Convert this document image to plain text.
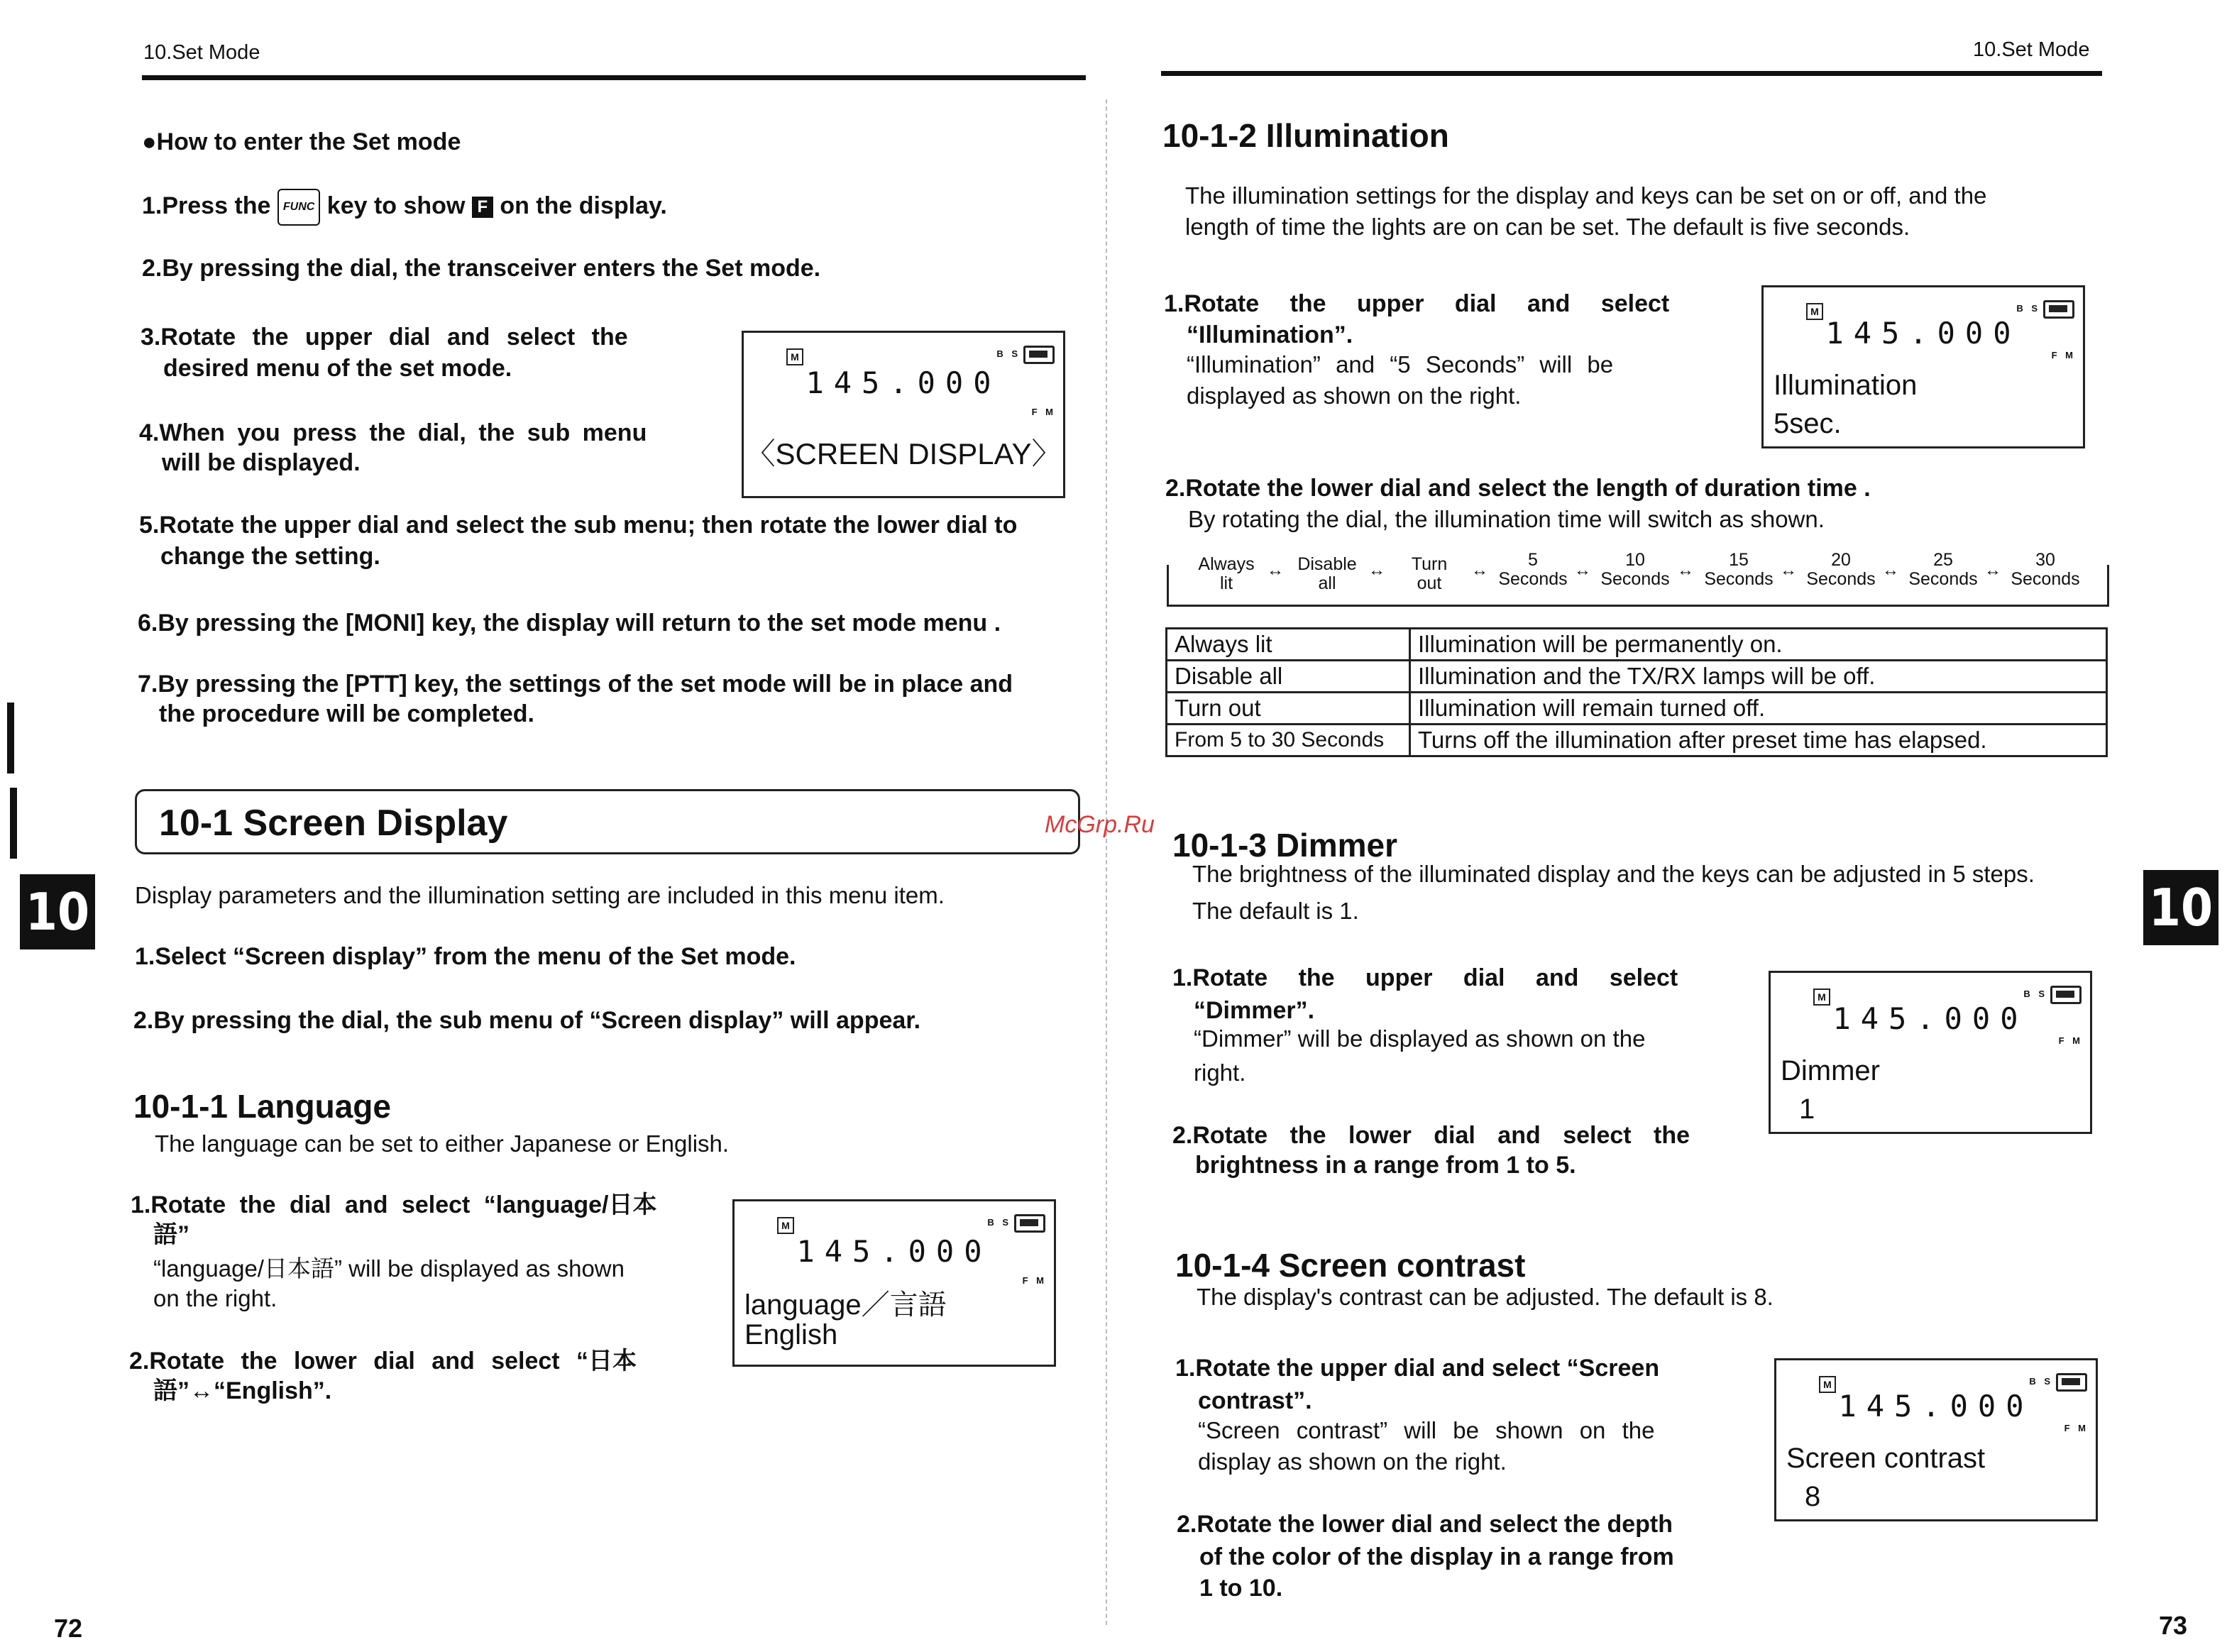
10.Set Mode
●How to enter the Set mode
1.Press the FUNC key to show F on the display.
2.By pressing the dial, the transceiver enters the Set mode.
3.Rotate the upper dial and select the
desired menu of the set mode.
4.When you press the dial, the sub menu
will be displayed.
M	B S
145.000
F M
〈SCREEN DISPLAY〉
5.Rotate the upper dial and select the sub menu; then rotate the lower dial to
change the setting.
6.By pressing the [MONI] key, the display will return to the set mode menu .
7.By pressing the [PTT] key, the settings of the set mode will be in place and
the procedure will be completed.
10-1 Screen Display
Display parameters and the illumination setting are included in this menu item.
1.Select “Screen display” from the menu of the Set mode.
2.By pressing the dial, the sub menu of “Screen display” will appear.
10-1-1 Language
The language can be set to either Japanese or English.
1.Rotate the dial and select “language/日本
語”
“language/日本語” will be displayed as shown
on the right.
2.Rotate the lower dial and select “日本
語”↔“English”.
M	B S
145.000
F M
language／言語
English
10
72
10.Set Mode
10-1-2 Illumination
The illumination settings for the display and keys can be set on or off, and the
length of time the lights are on can be set. The default is five seconds.
1.Rotate the upper dial and select
“Illumination”.
“Illumination” and “5 Seconds” will be
displayed as shown on the right.
M	B S
145.000
F M
Illumination
5sec.
2.Rotate the lower dial and select the length of duration time .
By rotating the dial, the illumination time will switch as shown.
Always
lit
↔ Disable
all
↔	Turn
out
↔
5
Seconds ↔
10
Seconds ↔
15
Seconds ↔
20
Seconds ↔
25
Seconds ↔
30
Seconds
Always lit	Illumination will be permanently on.
Disable all	Illumination and the TX/RX lamps will be off.
Turn out	Illumination will remain turned off.
From 5 to 30 Seconds	Turns off the illumination after preset time has elapsed.
McGrp.Ru
10-1-3 Dimmer
The brightness of the illuminated display and the keys can be adjusted in 5 steps.
The default is 1.
1.Rotate the upper dial and select
“Dimmer”.
“Dimmer” will be displayed as shown on the
right.
2.Rotate the lower dial and select the
brightness in a range from 1 to 5.
M	B S
145.000
F M
Dimmer
1
10-1-4 Screen contrast
The display's contrast can be adjusted. The default is 8.
1.Rotate the upper dial and select “Screen
contrast”.
“Screen contrast” will be shown on the
display as shown on the right.
2.Rotate the lower dial and select the depth
of the color of the display in a range from
1 to 10.
M	B S
145.000
F M
Screen contrast
8
10
73
